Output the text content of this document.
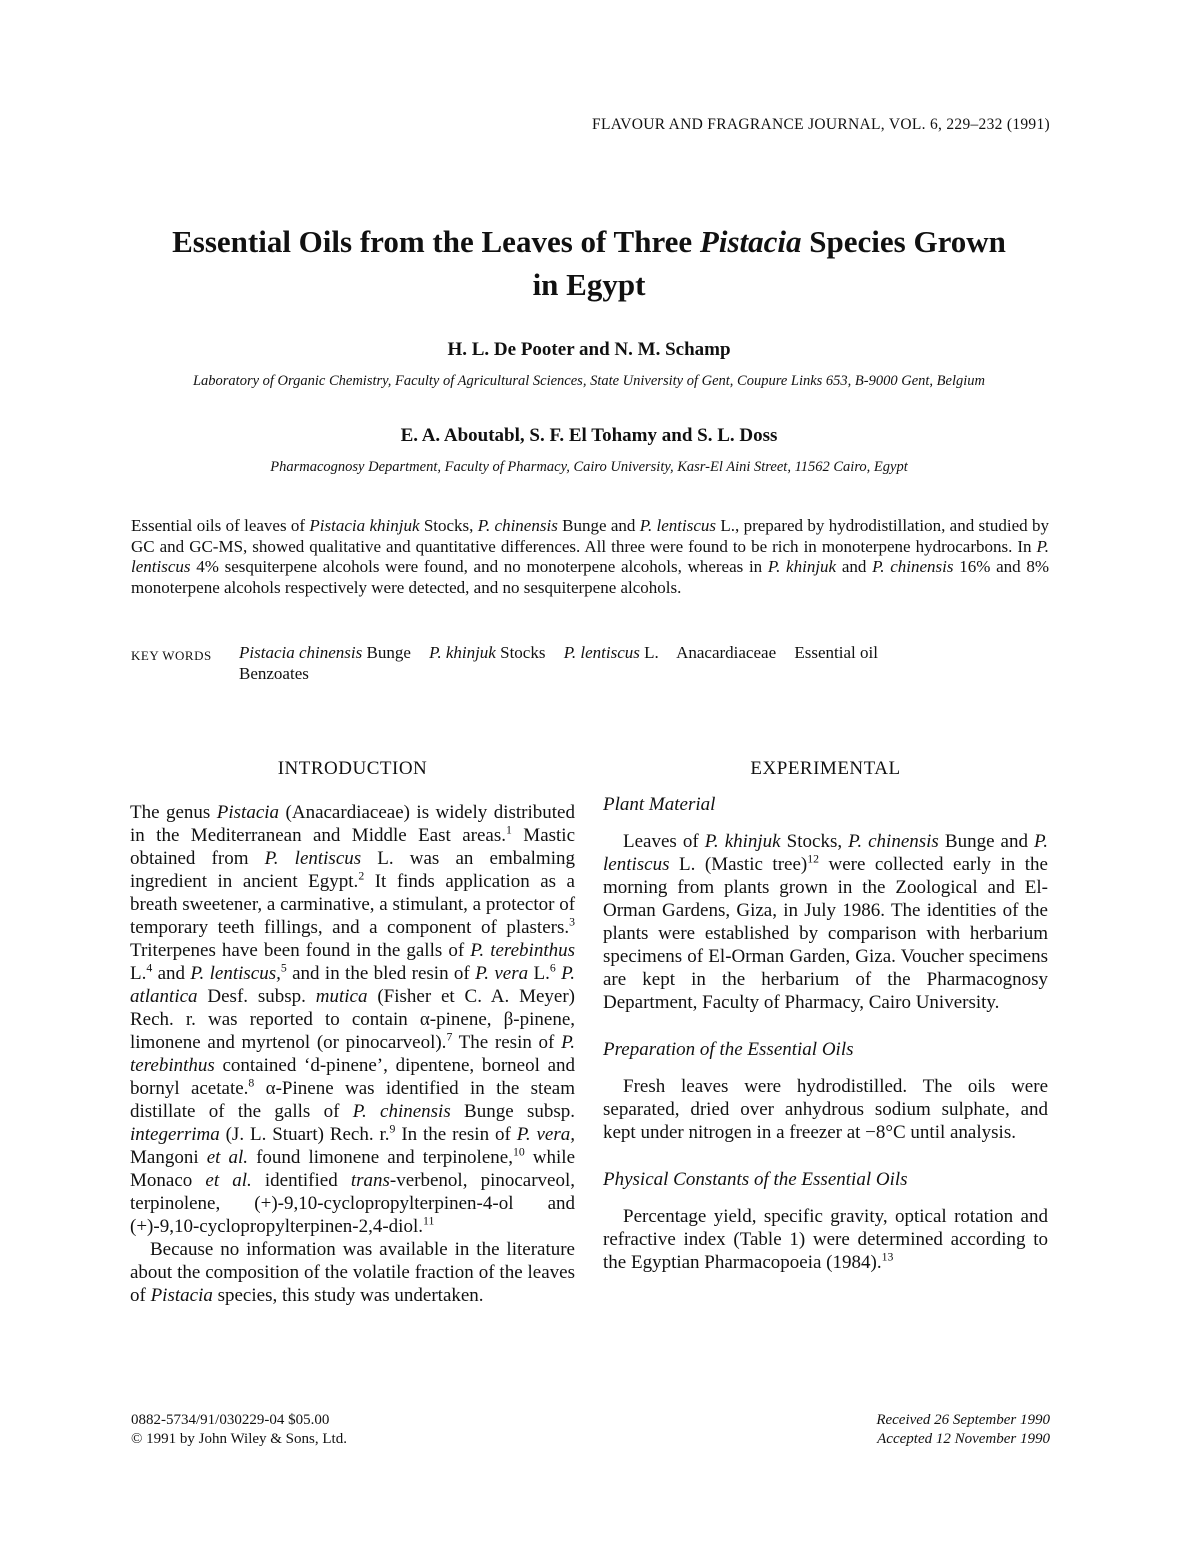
FLAVOUR AND FRAGRANCE JOURNAL, VOL. 6, 229–232 (1991)
Essential Oils from the Leaves of Three Pistacia Species Grown
in Egypt
H. L. De Pooter and N. M. Schamp
Laboratory of Organic Chemistry, Faculty of Agricultural Sciences, State University of Gent, Coupure Links 653, B-9000 Gent, Belgium
E. A. Aboutabl, S. F. El Tohamy and S. L. Doss
Pharmacognosy Department, Faculty of Pharmacy, Cairo University, Kasr-El Aini Street, 11562 Cairo, Egypt
Essential oils of leaves of Pistacia khinjuk Stocks, P. chinensis Bunge and P. lentiscus L., prepared by hydrodistillation, and studied by GC and GC-MS, showed qualitative and quantitative differences. All three were found to be rich in monoterpene hydrocarbons. In P. lentiscus 4% sesquiterpene alcohols were found, and no monoterpene alcohols, whereas in P. khinjuk and P. chinensis 16% and 8% monoterpene alcohols respectively were detected, and no sesquiterpene alcohols.
KEY WORDS	Pistacia chinensis Bunge P. khinjuk Stocks P. lentiscus L. Anacardiaceae Essential oil
Benzoates
INTRODUCTION

The genus Pistacia (Anacardiaceae) is widely distributed in the Mediterranean and Middle East areas.$^1$ Mastic obtained from P. lentiscus L. was an embalming ingredient in ancient Egypt.$^2$ It finds application as a breath sweetener, a carminative, a stimulant, a protector of temporary teeth fillings, and a component of plasters.$^3$ Triterpenes have been found in the galls of P. terebinthus L.$^4$ and P. lentiscus,$^5$ and in the bled resin of P. vera L.$^6$ P. atlantica Desf. subsp. mutica (Fisher et C. A. Meyer) Rech. r. was reported to contain α-pinene, β-pinene, limonene and myrtenol (or pinocarveol).$^7$ The resin of P. terebinthus contained ‘d-pinene’, dipentene, borneol and bornyl acetate.$^8$ α-Pinene was identified in the steam distillate of the galls of P. chinensis Bunge subsp. integerrima (J. L. Stuart) Rech. r.$^9$ In the resin of P. vera, Mangoni et al. found limonene and terpinolene,$^{10}$ while Monaco et al. identified trans-verbenol, pinocarveol, terpinolene, (+)-9,10-cyclopropylterpinen-4-ol and (+)-9,10-cyclopropylterpinen-2,4-diol.$^{11}$

Because no information was available in the literature about the composition of the volatile fraction of the leaves of Pistacia species, this study was undertaken.

EXPERIMENTAL

Plant Material

Leaves of P. khinjuk Stocks, P. chinensis Bunge and P. lentiscus L. (Mastic tree)$^{12}$ were collected early in the morning from plants grown in the Zoological and El-Orman Gardens, Giza, in July 1986. The identities of the plants were established by comparison with herbarium specimens of El-Orman Garden, Giza. Voucher specimens are kept in the herbarium of the Pharmacognosy Department, Faculty of Pharmacy, Cairo University.

Preparation of the Essential Oils

Fresh leaves were hydrodistilled. The oils were separated, dried over anhydrous sodium sulphate, and kept under nitrogen in a freezer at −8°C until analysis.

Physical Constants of the Essential Oils

Percentage yield, specific gravity, optical rotation and refractive index (Table 1) were determined according to the Egyptian Pharmacopoeia (1984).$^{13}$

0882-5734/91/030229-04 $05.00
© 1991 by John Wiley & Sons, Ltd.
Received 26 September 1990
Accepted 12 November 1990
